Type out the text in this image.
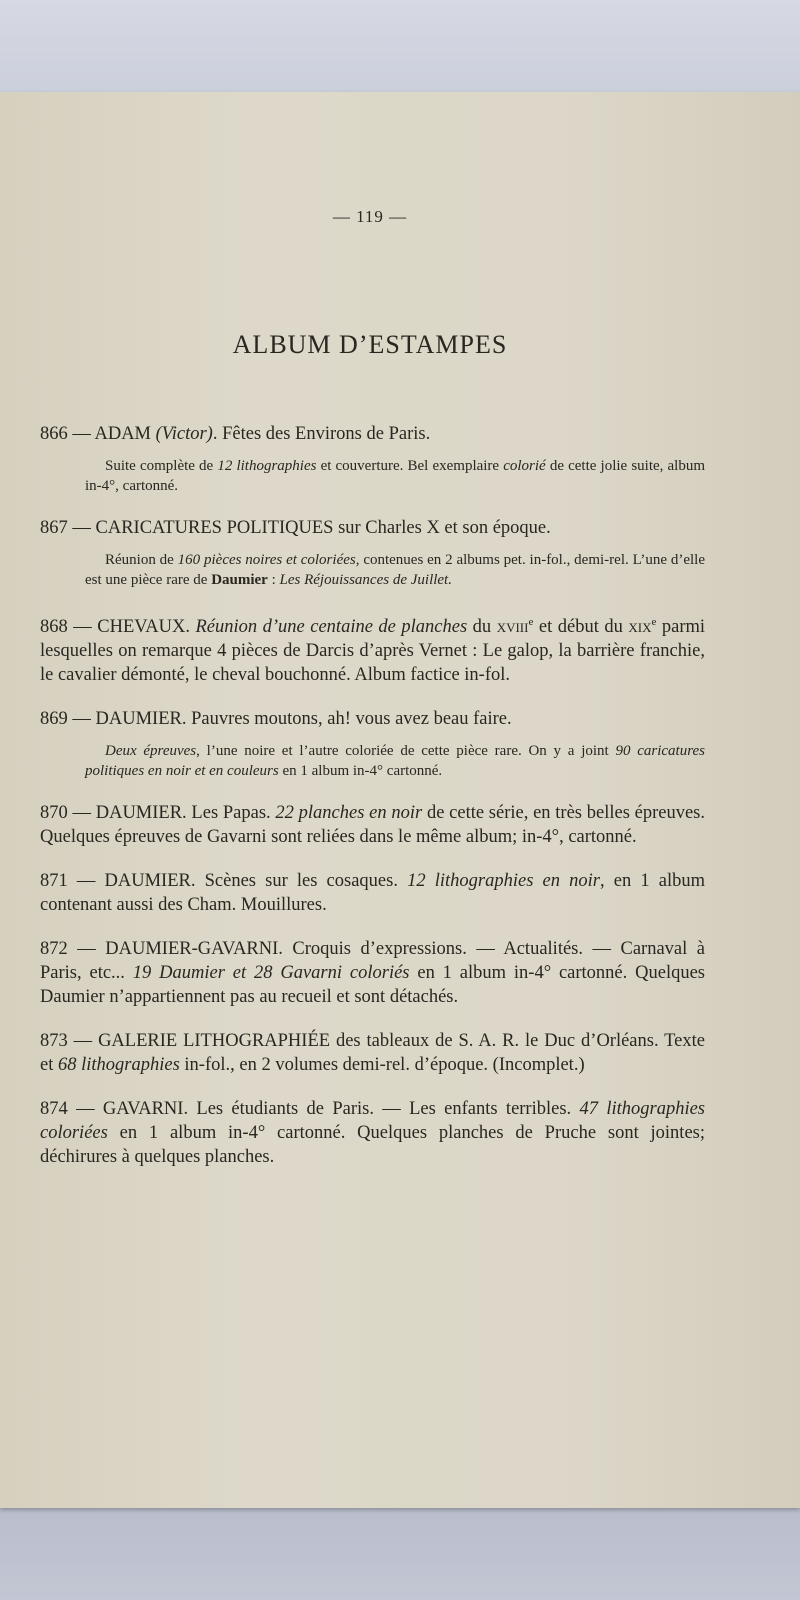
— 119 —
ALBUM D’ESTAMPES
866 — ADAM (Victor). Fêtes des Environs de Paris.
Suite complète de 12 lithographies et couverture. Bel exemplaire colorié de cette jolie suite, album in-4°, cartonné.
867 — CARICATURES POLITIQUES sur Charles X et son époque.
Réunion de 160 pièces noires et coloriées, contenues en 2 albums pet. in-fol., demi-rel. L’une d’elle est une pièce rare de Daumier : Les Réjouissances de Juillet.
868 — CHEVAUX. Réunion d’une centaine de planches du xviii$^e$ et début du xix$^e$ parmi lesquelles on remarque 4 pièces de Darcis d’après Vernet : Le galop, la barrière franchie, le cavalier démonté, le cheval bouchonné. Album factice in-fol.
869 — DAUMIER. Pauvres moutons, ah! vous avez beau faire.
Deux épreuves, l’une noire et l’autre coloriée de cette pièce rare. On y a joint 90 caricatures politiques en noir et en couleurs en 1 album in-4° cartonné.
870 — DAUMIER. Les Papas. 22 planches en noir de cette série, en très belles épreuves. Quelques épreuves de Gavarni sont reliées dans le même album; in-4°, cartonné.
871 — DAUMIER. Scènes sur les cosaques. 12 lithographies en noir, en 1 album contenant aussi des Cham. Mouillures.
872 — DAUMIER-GAVARNI. Croquis d’expressions. — Actualités. — Carnaval à Paris, etc... 19 Daumier et 28 Gavarni coloriés en 1 album in-4° cartonné. Quelques Daumier n’appartiennent pas au recueil et sont détachés.
873 — GALERIE LITHOGRAPHIÉE des tableaux de S. A. R. le Duc d’Orléans. Texte et 68 lithographies in-fol., en 2 volumes demi-rel. d’époque. (Incomplet.)
874 — GAVARNI. Les étudiants de Paris. — Les enfants terribles. 47 lithographies coloriées en 1 album in-4° cartonné. Quelques planches de Pruche sont jointes; déchirures à quelques planches.
